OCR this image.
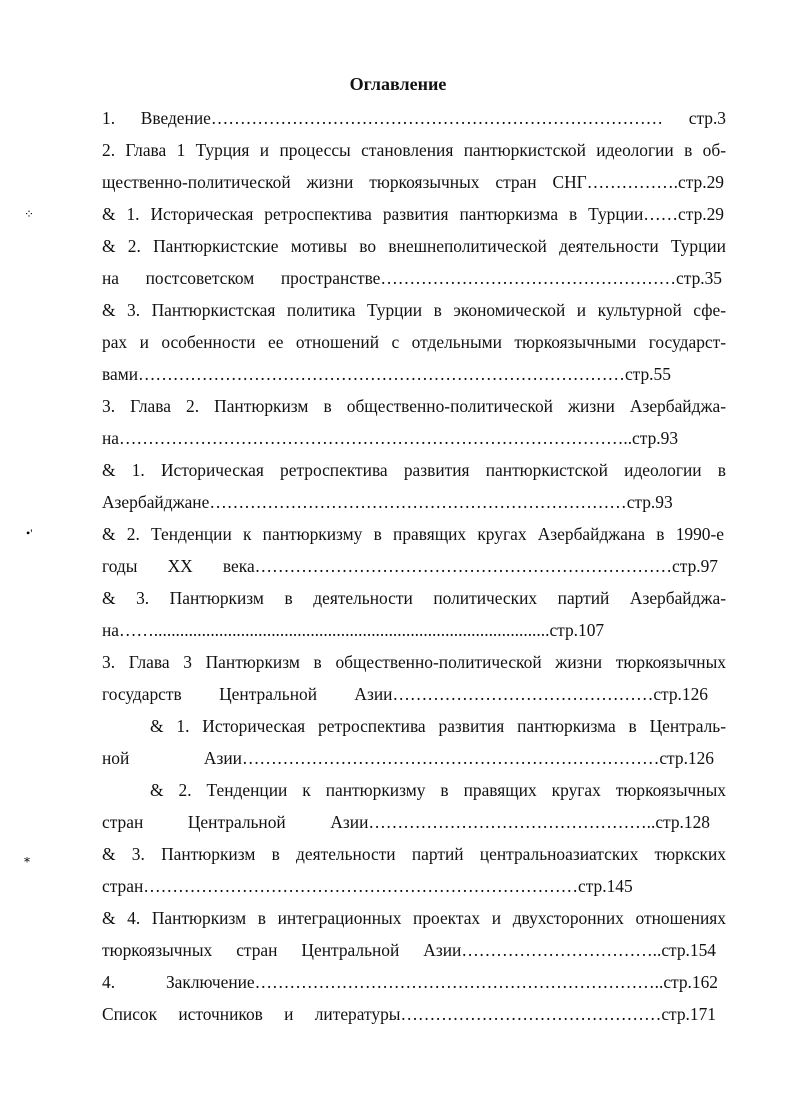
Оглавление
1. Введение…………………………………………………………………… стр.3
2. Глава 1 Турция и процессы становления пантюркистской идеологии в об-
щественно-политической жизни тюркоязычных стран СНГ…………….стр.29
& 1. Историческая ретроспектива развития пантюркизма в Турции……стр.29
& 2. Пантюркистские мотивы во внешнеполитической деятельности Турции
на постсоветском пространстве……………………………………………стр.35
& 3. Пантюркистская политика Турции в экономической и культурной сфе-
рах и особенности ее отношений с отдельными тюркоязычными государст-
вами…………………………………………………………………………стр.55
3. Глава 2. Пантюркизм в общественно-политической жизни Азербайджа-
на……………………………………………………………………………..стр.93
& 1. Историческая ретроспектива развития пантюркистской идеологии в
Азербайджане………………………………………………………………стр.93
& 2. Тенденции к пантюркизму в правящих кругах Азербайджана в 1990-е
годы XX века………………………………………………………………стр.97
& 3. Пантюркизм в деятельности политических партий Азербайджа-
на……...........................................................................................стр.107
3. Глава 3 Пантюркизм в общественно-политической жизни тюркоязычных
государств Центральной Азии………………………………………стр.126
& 1. Историческая ретроспектива развития пантюркизма в Централь-
ной Азии………………………………………………………………стр.126
& 2. Тенденции к пантюркизму в правящих кругах тюркоязычных
стран Центральной Азии…………………………………………..стр.128
& 3. Пантюркизм в деятельности партий центральноазиатских тюркских
стран…………………………………………………………………стр.145
& 4. Пантюркизм в интеграционных проектах и двухсторонних отношениях
тюркоязычных стран Центральной Азии……………………………..стр.154
4. Заключение……………………………………………………………..стр.162
Список источников и литературы………………………………………стр.171
⁘
•'
⁎
